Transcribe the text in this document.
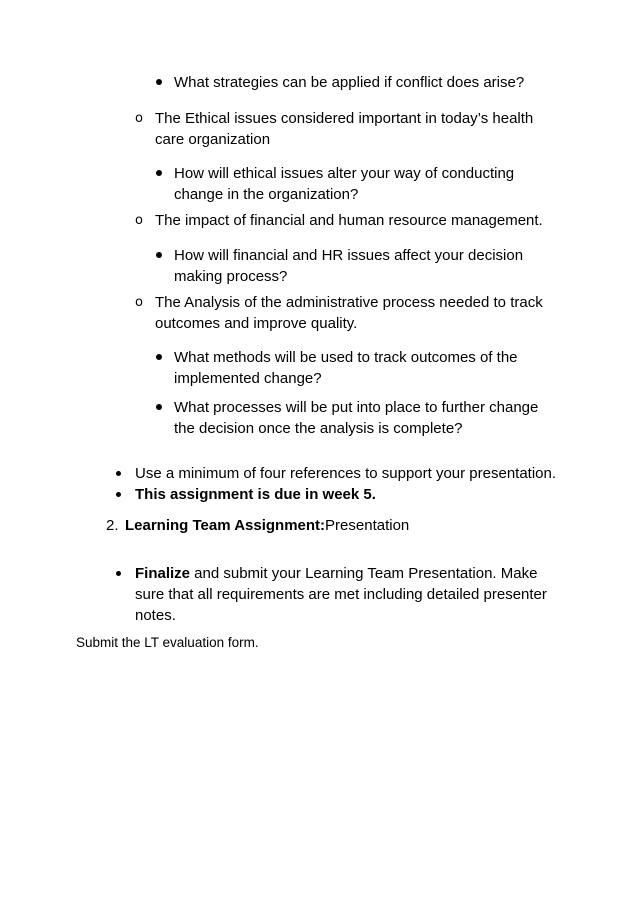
What strategies can be applied if conflict does arise?
o The Ethical issues considered important in today’s health
care organization
How will ethical issues alter your way of conducting
change in the organization?
o The impact of financial and human resource management.
How will financial and HR issues affect your decision
making process?
o The Analysis of the administrative process needed to track
outcomes and improve quality.
What methods will be used to track outcomes of the
implemented change?
What processes will be put into place to further change
the decision once the analysis is complete?
Use a minimum of four references to support your presentation.
This assignment is due in week 5.
2. Learning Team Assignment:Presentation
Finalize and submit your Learning Team Presentation. Make
sure that all requirements are met including detailed presenter
notes.
Submit the LT evaluation form.
